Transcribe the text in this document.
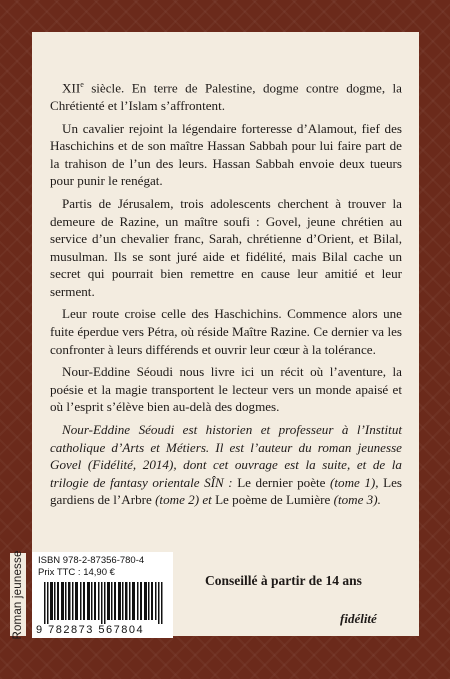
XIIe siècle. En terre de Palestine, dogme contre dogme, la Chrétienté et l’Islam s’affrontent.

Un cavalier rejoint la légendaire forteresse d’Alamout, fief des Haschichins et de son maître Hassan Sabbah pour lui faire part de la trahison de l’un des leurs. Hassan Sabbah envoie deux tueurs pour punir le renégat.

Partis de Jérusalem, trois adolescents cherchent à trouver la demeure de Razine, un maître soufi : Govel, jeune chrétien au service d’un chevalier franc, Sarah, chrétienne d’Orient, et Bilal, musulman. Ils se sont juré aide et fidélité, mais Bilal cache un secret qui pourrait bien remettre en cause leur amitié et leur serment.

Leur route croise celle des Haschichins. Commence alors une fuite éperdue vers Pétra, où réside Maître Razine. Ce dernier va les confronter à leurs différends et ouvrir leur cœur à la tolérance.

Nour-Eddine Séoudi nous livre ici un récit où l’aventure, la poésie et la magie transportent le lecteur vers un monde apaisé et où l’esprit s’élève bien au-delà des dogmes.

Nour-Eddine Séoudi est historien et professeur à l’Institut catholique d’Arts et Métiers. Il est l’auteur du roman jeunesse Govel (Fidélité, 2014), dont cet ouvrage est la suite, et de la trilogie de fantasy orientale SÎN : Le dernier poète (tome 1), Les gardiens de l’Arbre (tome 2) et Le poème de Lumière (tome 3).

Roman jeunesse ISBN 978-2-87356-780-4
Prix TTC : 14,90 €
9 782873 567804
Conseillé à partir de 14 ans
fidélité
